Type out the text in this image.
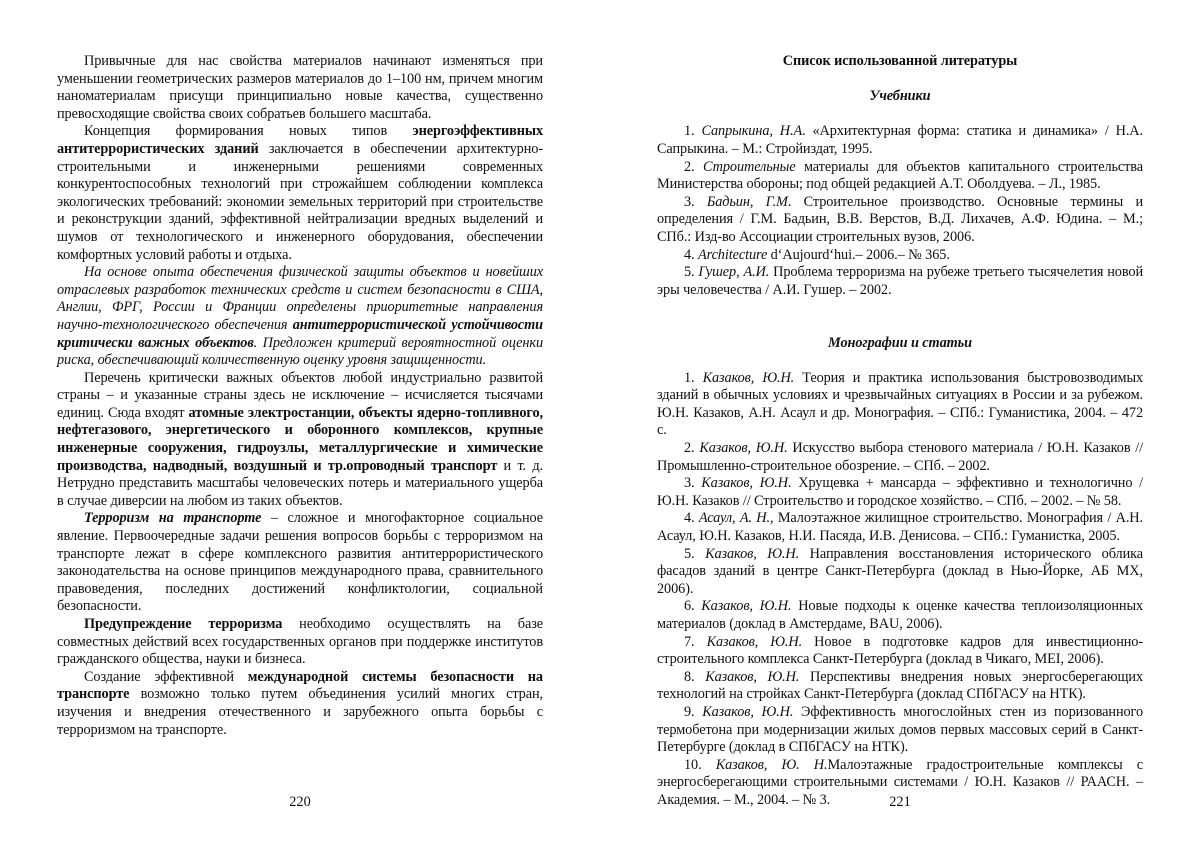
Привычные для нас свойства материалов начинают изменяться при уменьшении геометрических размеров материалов до 1–100 нм, причем многим наноматериалам присущи принципиально новые качества, существенно превосходящие свойства своих собратьев большего масштаба.

Концепция формирования новых типов энергоэффективных антитеррористических зданий заключается в обеспечении архитектурно-строительными и инженерными решениями современных конкурентоспособных технологий при строжайшем соблюдении комплекса экологических требований: экономии земельных территорий при строительстве и реконструкции зданий, эффективной нейтрализации вредных выделений и шумов от технологического и инженерного оборудования, обеспечении комфортных условий работы и отдыха.

На основе опыта обеспечения физической защиты объектов и новейших отраслевых разработок технических средств и систем безопасности в США, Англии, ФРГ, России и Франции определены приоритетные направления научно-технологического обеспечения антитеррористической устойчивости критически важных объектов. Предложен критерий вероятностной оценки риска, обеспечивающий количественную оценку уровня защищенности.

Перечень критически важных объектов любой индустриально развитой страны – и указанные страны здесь не исключение – исчисляется тысячами единиц. Сюда входят атомные электростанции, объекты ядерно-топливного, нефтегазового, энергетического и оборонного комплексов, крупные инженерные сооружения, гидроузлы, металлургические и химические производства, надводный, воздушный и тр.опроводный транспорт и т. д. Нетрудно представить масштабы человеческих потерь и материального ущерба в случае диверсии на любом из таких объектов.

Терроризм на транспорте – сложное и многофакторное социальное явление. Первоочередные задачи решения вопросов борьбы с терроризмом на транспорте лежат в сфере комплексного развития антитеррористического законодательства на основе принципов международного права, сравнительного правоведения, последних достижений конфликтологии, социальной безопасности.

Предупреждение терроризма необходимо осуществлять на базе совместных действий всех государственных органов при поддержке институтов гражданского общества, науки и бизнеса.

Создание эффективной международной системы безопасности на транспорте возможно только путем объединения усилий многих стран, изучения и внедрения отечественного и зарубежного опыта борьбы с терроризмом на транспорте.

220

Список использованной литературы

Учебники

1. Сапрыкина, Н.А. «Архитектурная форма: статика и динамика» / Н.А. Сапрыкина. – М.: Стройиздат, 1995.

2. Строительные материалы для объектов капитального строительства Министерства обороны; под общей редакцией А.Т. Оболдуева. – Л., 1985.

3. Бадьин, Г.М. Строительное производство. Основные термины и определения / Г.М. Бадьин, В.В. Верстов, В.Д. Лихачев, А.Ф. Юдина. – М.; СПб.: Изд-во Ассоциации строительных вузов, 2006.

4. Architecture d‘Aujourd‘hui.– 2006.– № 365.

5. Гушер, А.И. Проблема терроризма на рубеже третьего тысячелетия новой эры человечества / А.И. Гушер. – 2002.

Монографии и статьи

1. Казаков, Ю.Н. Теория и практика использования быстровозводимых зданий в обычных условиях и чрезвычайных ситуациях в России и за рубежом. Ю.Н. Казаков, А.Н. Асаул и др. Монография. – СПб.: Гуманистика, 2004. – 472 с.

2. Казаков, Ю.Н. Искусство выбора стенового материала / Ю.Н. Казаков // Промышленно-строительное обозрение. – СПб. – 2002.

3. Казаков, Ю.Н. Хрущевка + мансарда – эффективно и технологично / Ю.Н. Казаков // Строительство и городское хозяйство. – СПб. – 2002. – № 58.

4. Асаул, А. Н., Малоэтажное жилищное строительство. Монография / А.Н. Асаул, Ю.Н. Казаков, Н.И. Пасяда, И.В. Денисова. – СПб.: Гуманистка, 2005.

5. Казаков, Ю.Н. Направления восстановления исторического облика фасадов зданий в центре Санкт-Петербурга (доклад в Нью-Йорке, АБ МХ, 2006).

6. Казаков, Ю.Н. Новые подходы к оценке качества теплоизоляционных материалов (доклад в Амстердаме, BAU, 2006).

7. Казаков, Ю.Н. Новое в подготовке кадров для инвестиционно-строительного комплекса Санкт-Петербурга (доклад в Чикаго, MEI, 2006).

8. Казаков, Ю.Н. Перспективы внедрения новых энергосберегающих технологий на стройках Санкт-Петербурга (доклад СПбГАСУ на НТК).

9. Казаков, Ю.Н. Эффективность многослойных стен из поризованного термобетона при модернизации жилых домов первых массовых серий в Санкт-Петербурге (доклад в СПбГАСУ на НТК).

10. Казаков, Ю. Н.Малоэтажные градостроительные комплексы с энергосберегающими строительными системами / Ю.Н. Казаков // РААСН. – Академия. – М., 2004. – № 3.	221
